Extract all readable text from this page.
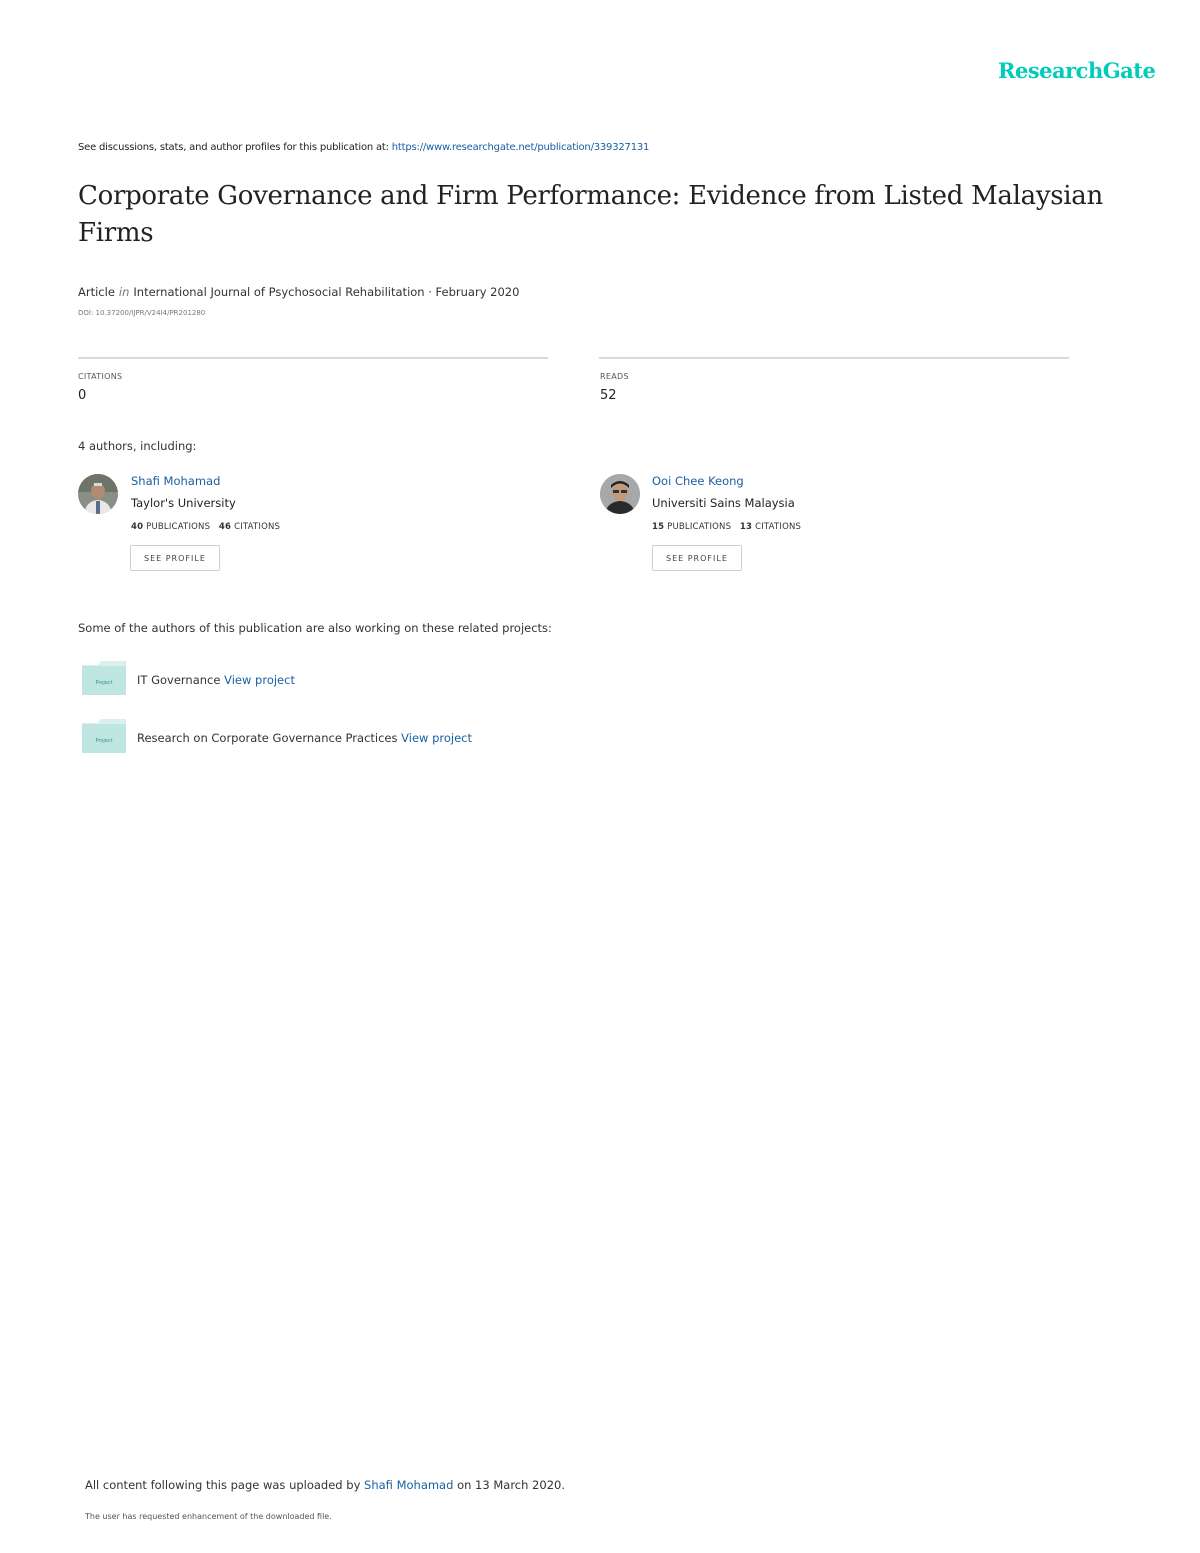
ResearchGate
See discussions, stats, and author profiles for this publication at: https://www.researchgate.net/publication/339327131
Corporate Governance and Firm Performance: Evidence from Listed Malaysian Firms
Article in International Journal of Psychosocial Rehabilitation · February 2020
DOI: 10.37200/IJPR/V24I4/PR201280
CITATIONS
0
READS
52
4 authors, including:
Shafi Mohamad
Taylor's University
40 PUBLICATIONS 46 CITATIONS
SEE PROFILE
Ooi Chee Keong
Universiti Sains Malaysia
15 PUBLICATIONS 13 CITATIONS
SEE PROFILE
Some of the authors of this publication are also working on these related projects:
Project IT Governance View project
Project Research on Corporate Governance Practices View project
All content following this page was uploaded by Shafi Mohamad on 13 March 2020.
The user has requested enhancement of the downloaded file.
